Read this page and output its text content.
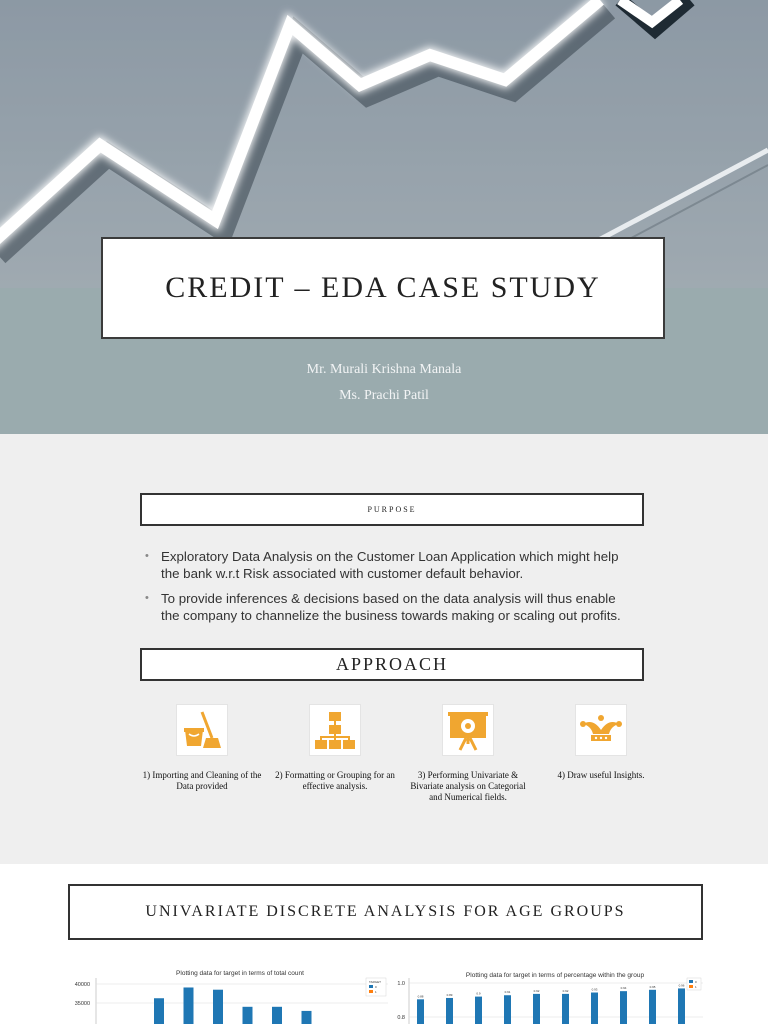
CREDIT – EDA CASE STUDY
Mr. Murali Krishna Manala
Ms. Prachi Patil
PURPOSE
• Exploratory Data Analysis on the Customer Loan Application which might help the bank w.r.t Risk associated with customer default behavior.
• To provide inferences & decisions based on the data analysis will thus enable the company to channelize the business towards making or scaling out profits.
APPROACH
1) Importing and Cleaning of the Data provided
2) Formatting or Grouping for an effective analysis.
3) Performing Univariate & Bivariate analysis on Categorial and Numerical fields.
4) Draw useful Insights.
UNIVARIATE DISCRETE ANALYSIS FOR AGE GROUPS
Plotting data for target in terms of total count
40000
35000
TARGET
0
1
Plotting data for target in terms of percentage within the group
1.0
0.8
0.88	0.89	0.9	0.91	0.92	0.92	0.93	0.94	0.95	0.96
0
1
